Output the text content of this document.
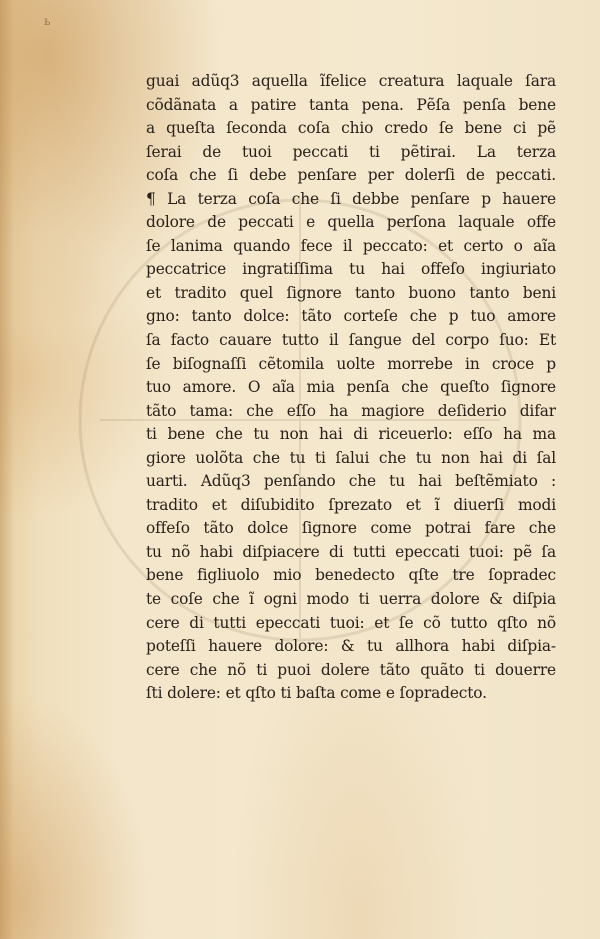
ь
guai adũq3 aquella ĩfelice creatura laquale ſara
cõdãnata a patire tanta pena. Pẽſa penſa bene
a queſta ſeconda coſa chio credo ſe bene ci pẽ
ſerai de tuoi peccati ti pẽtirai. La terza
coſa che ſi debe penſare per dolerſi de peccati.
¶ La terza coſa che ſi debbe penſare p hauere
dolore de peccati e quella perſona laquale offe
ſe lanima quando fece il peccato: et certo o aĩa
peccatrice ingratiſſima tu hai offeſo ingiuriato
et tradito quel ſignore tanto buono tanto beni
gno: tanto dolce: tãto corteſe che p tuo amore
ſa facto cauare tutto il ſangue del corpo ſuo: Et
ſe biſognaſſi cẽtomila uolte morrebe in croce p
tuo amore. O aĩa mia penſa che queſto ſignore
tãto tama: che eſſo ha magiore deſiderio difar
ti bene che tu non hai di riceuerlo: eſſo ha ma
giore uolõta che tu ti ſalui che tu non hai di ſal
uarti. Adũq3 penſando che tu hai beſtẽmiato :
tradito et diſubidito ſprezato et ĩ diuerſi modi
offeſo tãto dolce ſignore come potrai fare che
tu nõ habi diſpiacere di tutti epeccati tuoi: pẽ ſa
bene figliuolo mio benedecto qſte tre ſopradec
te coſe che ĩ ogni modo ti uerra dolore & diſpia
cere di tutti epeccati tuoi: et ſe cõ tutto qſto nõ
poteſſi hauere dolore: & tu allhora habi diſpia-
cere che nõ ti puoi dolere tãto quãto ti douerre
ſti dolere: et qſto ti baſta come e ſopradecto.
